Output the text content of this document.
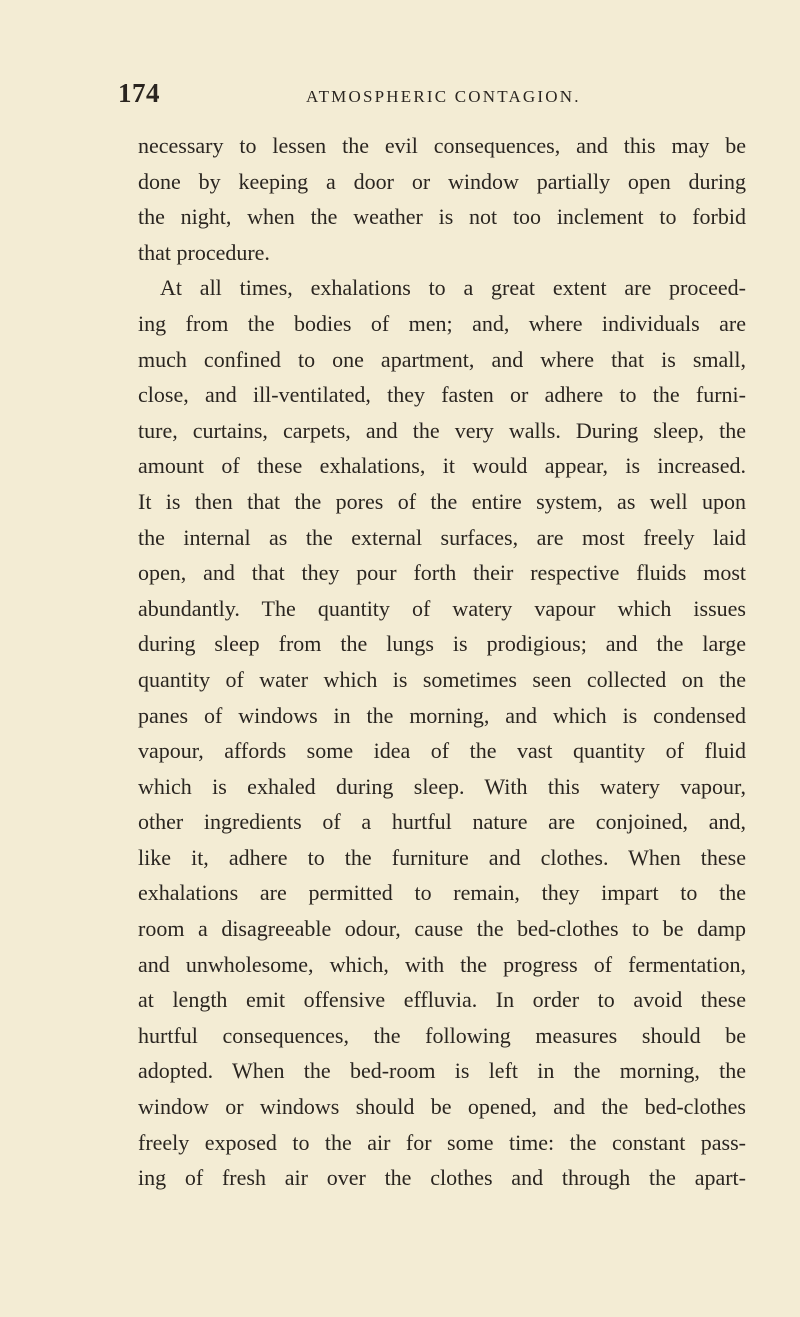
174	ATMOSPHERIC CONTAGION.
necessary to lessen the evil consequences, and this may be
done by keeping a door or window partially open during
the night, when the weather is not too inclement to forbid
that procedure.
At all times, exhalations to a great extent are proceed-
ing from the bodies of men; and, where individuals are
much confined to one apartment, and where that is small,
close, and ill-ventilated, they fasten or adhere to the furni-
ture, curtains, carpets, and the very walls. During sleep, the
amount of these exhalations, it would appear, is increased.
It is then that the pores of the entire system, as well upon
the internal as the external surfaces, are most freely laid
open, and that they pour forth their respective fluids most
abundantly. The quantity of watery vapour which issues
during sleep from the lungs is prodigious; and the large
quantity of water which is sometimes seen collected on the
panes of windows in the morning, and which is condensed
vapour, affords some idea of the vast quantity of fluid
which is exhaled during sleep. With this watery vapour,
other ingredients of a hurtful nature are conjoined, and,
like it, adhere to the furniture and clothes. When these
exhalations are permitted to remain, they impart to the
room a disagreeable odour, cause the bed-clothes to be damp
and unwholesome, which, with the progress of fermentation,
at length emit offensive effluvia. In order to avoid these
hurtful consequences, the following measures should be
adopted. When the bed-room is left in the morning, the
window or windows should be opened, and the bed-clothes
freely exposed to the air for some time: the constant pass-
ing of fresh air over the clothes and through the apart-
